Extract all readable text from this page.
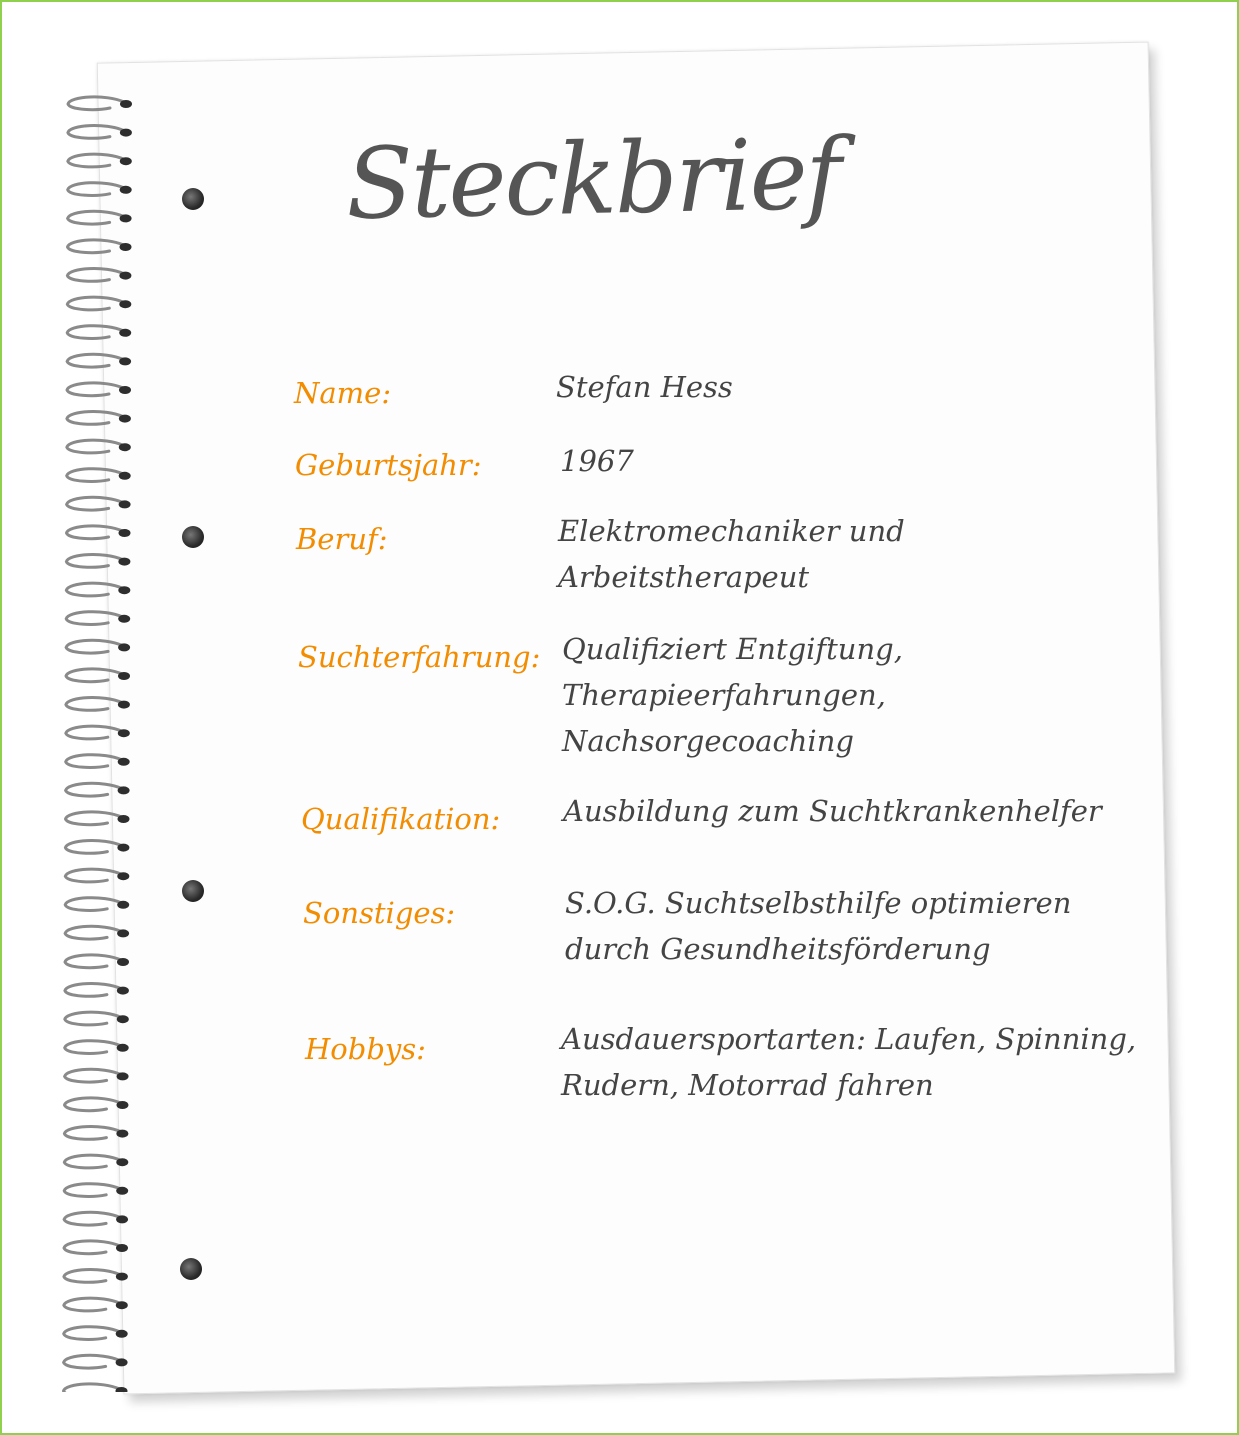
Steckbrief
Name:	Stefan Hess
Geburtsjahr:	1967
Beruf:	Elektromechaniker und
Arbeitstherapeut
Suchterfahrung: Qualifiziert Entgiftung,
Therapieerfahrungen,
Nachsorgecoaching
Qualifikation: Ausbildung zum Suchtkrankenhelfer
Sonstiges:	S.O.G. Suchtselbsthilfe optimieren
durch Gesundheitsförderung
Hobbys:	Ausdauersportarten: Laufen, Spinning,
Rudern, Motorrad fahren
